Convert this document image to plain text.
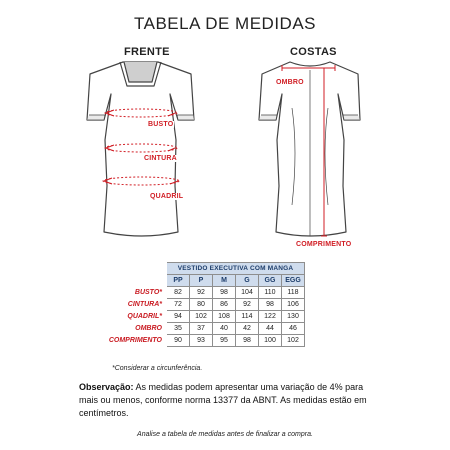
TABELA DE MEDIDAS
FRENTE	COSTAS
BUSTO
CINTURA
QUADRIL
OMBRO
COMPRIMENTO
	VESTIDO EXECUTIVA COM MANGA					
	PP	P	M	G	GG	EGG
BUSTO*	82	92	98	104	110	118
CINTURA*	72	80	86	92	98	106
QUADRIL*	94	102	108	114	122	130
OMBRO	35	37	40	42	44	46
COMPRIMENTO	90	93	95	98	100	102
*Considerar a circunferência.
Observação: As medidas podem apresentar uma variação de 4% para mais ou menos, conforme norma 13377 da ABNT. As medidas estão em centímetros.
Analise a tabela de medidas antes de finalizar a compra.
